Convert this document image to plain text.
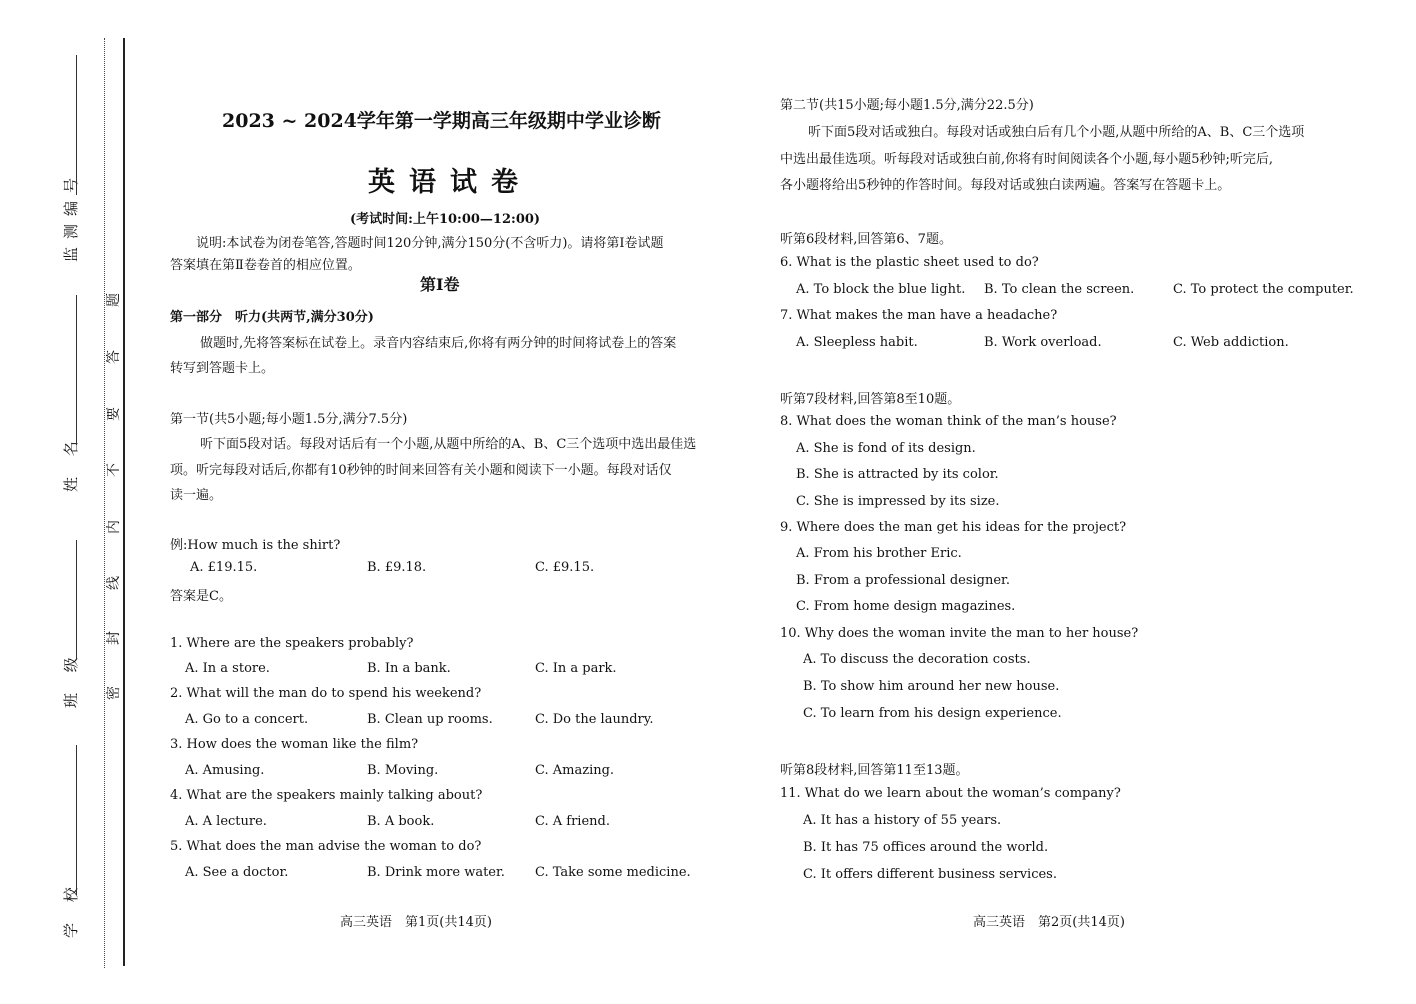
监测编号
姓 名
班 级
学 校
题
答
要
不
内
线
封
密
2023 ~ 2024学年第一学期高三年级期中学业诊断
英语试卷
(考试时间:上午10:00—12:00)
说明:本试卷为闭卷笔答,答题时间120分钟,满分150分(不含听力)。请将第Ⅰ卷试题
答案填在第Ⅱ卷卷首的相应位置。
第Ⅰ卷
第一部分　听力(共两节,满分30分)
做题时,先将答案标在试卷上。录音内容结束后,你将有两分钟的时间将试卷上的答案
转写到答题卡上。
第一节(共5小题;每小题1.5分,满分7.5分)
听下面5段对话。每段对话后有一个小题,从题中所给的A、B、C三个选项中选出最佳选
项。听完每段对话后,你都有10秒钟的时间来回答有关小题和阅读下一小题。每段对话仅
读一遍。
例:How much is the shirt?
A. £19.15.	B. £9.18.	C. £9.15.
答案是C。
1. Where are the speakers probably?
A. In a store.	B. In a bank.	C. In a park.
2. What will the man do to spend his weekend?
A. Go to a concert.	B. Clean up rooms.	C. Do the laundry.
3. How does the woman like the film?
A. Amusing.	B. Moving.	C. Amazing.
4. What are the speakers mainly talking about?
A. A lecture.	B. A book.	C. A friend.
5. What does the man advise the woman to do?
A. See a doctor.	B. Drink more water. C. Take some medicine.
高三英语　第1页(共14页)
第二节(共15小题;每小题1.5分,满分22.5分)
听下面5段对话或独白。每段对话或独白后有几个小题,从题中所给的A、B、C三个选项
中选出最佳选项。听每段对话或独白前,你将有时间阅读各个小题,每小题5秒钟;听完后,
各小题将给出5秒钟的作答时间。每段对话或独白读两遍。答案写在答题卡上。
听第6段材料,回答第6、7题。
6. What is the plastic sheet used to do?
A. To block the blue light. B. To clean the screen.	C. To protect the computer.
7. What makes the man have a headache?
A. Sleepless habit.	B. Work overload.	C. Web addiction.
听第7段材料,回答第8至10题。
8. What does the woman think of the man’s house?
A. She is fond of its design.
B. She is attracted by its color.
C. She is impressed by its size.
9. Where does the man get his ideas for the project?
A. From his brother Eric.
B. From a professional designer.
C. From home design magazines.
10. Why does the woman invite the man to her house?
A. To discuss the decoration costs.
B. To show him around her new house.
C. To learn from his design experience.
听第8段材料,回答第11至13题。
11. What do we learn about the woman’s company?
A. It has a history of 55 years.
B. It has 75 offices around the world.
C. It offers different business services.
高三英语　第2页(共14页)
